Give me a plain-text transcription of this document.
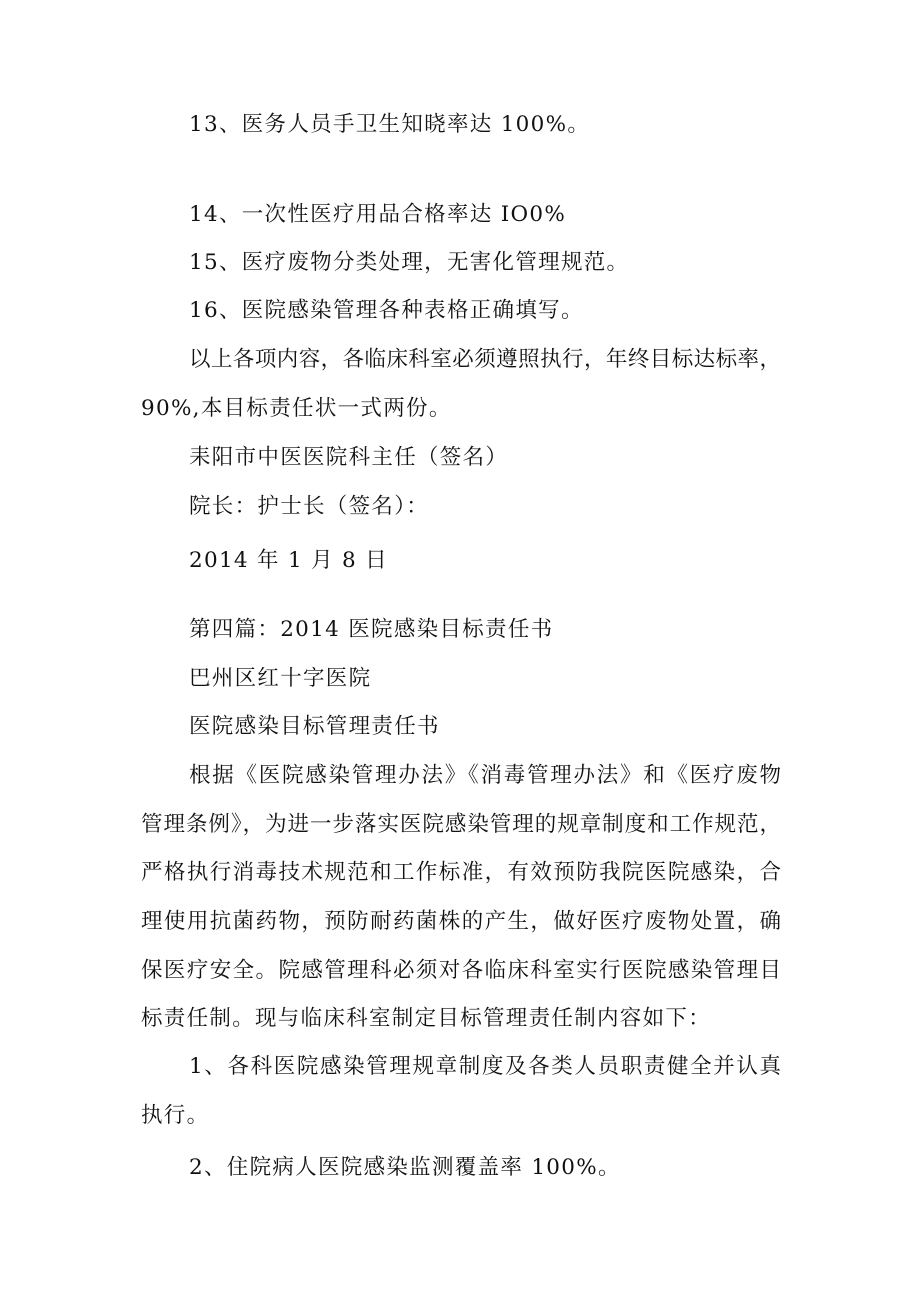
13、医务人员手卫生知晓率达 100%。
14、一次性医疗用品合格率达 IO0%
15、医疗废物分类处理，无害化管理规范。
16、医院感染管理各种表格正确填写。
以上各项内容，各临床科室必须遵照执行，年终目标达标率，
90%,本目标责任状一式两份。
耒阳市中医医院科主任（签名）
院长：护士长（签名）：
2014 年 1 月 8 日
第四篇：2014 医院感染目标责任书
巴州区红十字医院
医院感染目标管理责任书
根据《医院感染管理办法》《消毒管理办法》和《医疗废物
管理条例》，为进一步落实医院感染管理的规章制度和工作规范，
严格执行消毒技术规范和工作标准，有效预防我院医院感染，合
理使用抗菌药物，预防耐药菌株的产生，做好医疗废物处置，确
保医疗安全。院感管理科必须对各临床科室实行医院感染管理目
标责任制。现与临床科室制定目标管理责任制内容如下：
1、各科医院感染管理规章制度及各类人员职责健全并认真
执行。
2、住院病人医院感染监测覆盖率 100%。
